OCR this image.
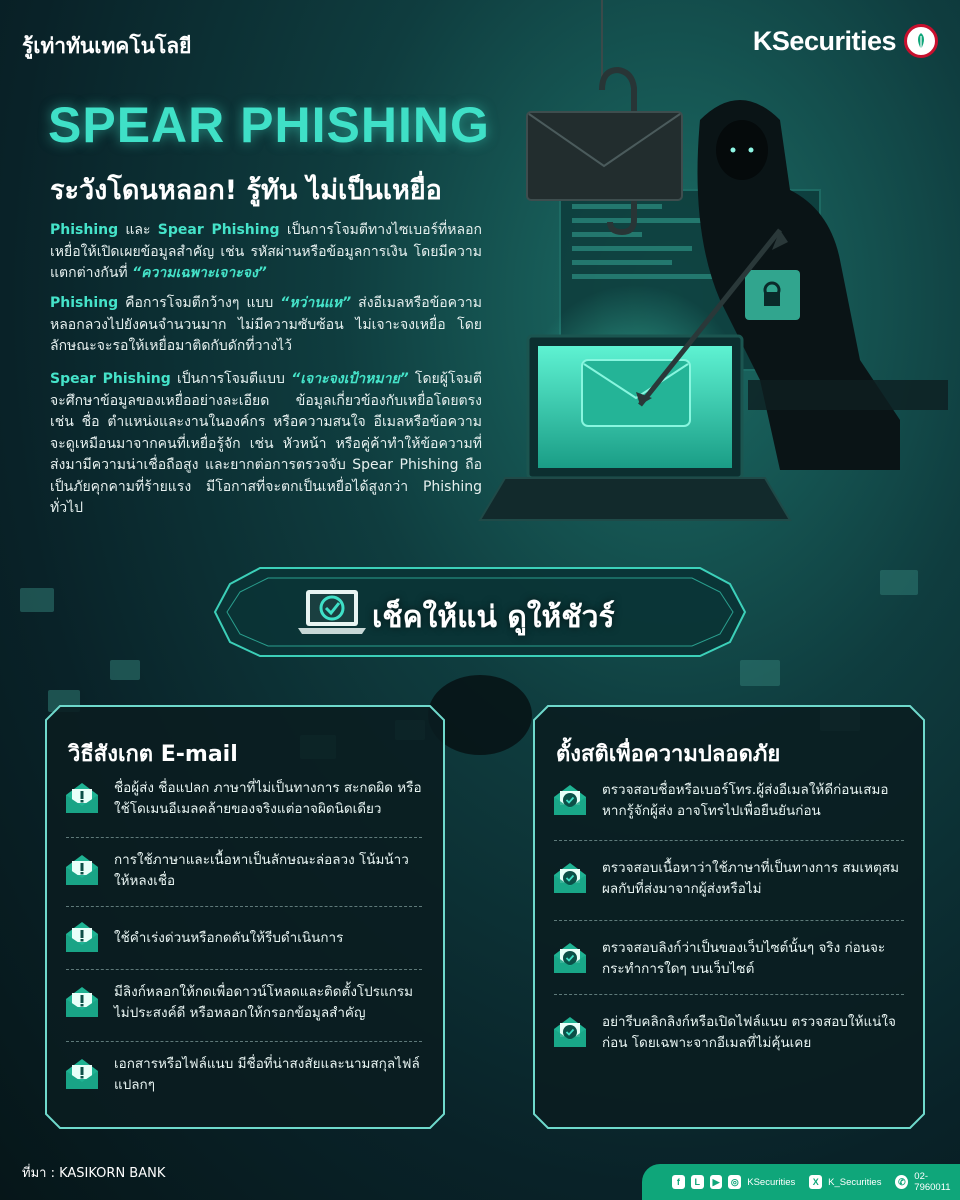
รู้เท่าทันเทคโนโลยี	KSecurities
SPEAR PHISHING
ระวังโดนหลอก! รู้ทัน ไม่เป็นเหยื่อ
Phishing และ Spear Phishing เป็นการโจมตีทางไซเบอร์ที่หลอกเหยื่อให้เปิดเผยข้อมูลสำคัญ เช่น รหัสผ่านหรือข้อมูลการเงิน โดยมีความแตกต่างกันที่ “ความเฉพาะเจาะจง”
Phishing คือการโจมตีกว้างๆ แบบ “หว่านแห” ส่งอีเมลหรือข้อความหลอกลวงไปยังคนจำนวนมาก ไม่มีความซับซ้อน ไม่เจาะจงเหยื่อ โดยลักษณะจะรอให้เหยื่อมาติดกับดักที่วางไว้
Spear Phishing เป็นการโจมตีแบบ “เจาะจงเป้าหมาย” โดยผู้โจมตีจะศึกษาข้อมูลของเหยื่ออย่างละเอียด ข้อมูลเกี่ยวข้องกับเหยื่อโดยตรง เช่น ชื่อ ตำแหน่งและงานในองค์กร หรือความสนใจ อีเมลหรือข้อความจะดูเหมือนมาจากคนที่เหยื่อรู้จัก เช่น หัวหน้า หรือคู่ค้าทำให้ข้อความที่ส่งมามีความน่าเชื่อถือสูง และยากต่อการตรวจจับ Spear Phishing ถือเป็นภัยคุกคามที่ร้ายแรง มีโอกาสที่จะตกเป็นเหยื่อได้สูงกว่า Phishing ทั่วไป
เช็คให้แน่ ดูให้ชัวร์
วิธีสังเกต E-mail
ชื่อผู้ส่ง ชื่อแปลก ภาษาที่ไม่เป็นทางการ สะกดผิด หรือใช้โดเมนอีเมลคล้ายของจริงแต่อาจผิดนิดเดียว
การใช้ภาษาและเนื้อหาเป็นลักษณะล่อลวง โน้มน้าวให้หลงเชื่อ
ใช้คำเร่งด่วนหรือกดดันให้รีบดำเนินการ
มีลิงก์หลอกให้กดเพื่อดาวน์โหลดและติดตั้งโปรแกรมไม่ประสงค์ดี หรือหลอกให้กรอกข้อมูลสำคัญ
เอกสารหรือไฟล์แนบ มีชื่อที่น่าสงสัยและนามสกุลไฟล์แปลกๆ
ตั้งสติเพื่อความปลอดภัย
ตรวจสอบชื่อหรือเบอร์โทร.ผู้ส่งอีเมลให้ดีก่อนเสมอ หากรู้จักผู้ส่ง อาจโทรไปเพื่อยืนยันก่อน
ตรวจสอบเนื้อหาว่าใช้ภาษาที่เป็นทางการ สมเหตุสมผลกับที่ส่งมาจากผู้ส่งหรือไม่
ตรวจสอบลิงก์ว่าเป็นของเว็บไซต์นั้นๆ จริง ก่อนจะกระทำการใดๆ บนเว็บไซต์
อย่ารีบคลิกลิงก์หรือเปิดไฟล์แนบ ตรวจสอบให้แน่ใจก่อน โดยเฉพาะจากอีเมลที่ไม่คุ้นเคย
ที่มา : KASIKORN BANK
f	L	▶	◎ KSecurities	X K_Securities ✆ 02-7960011
